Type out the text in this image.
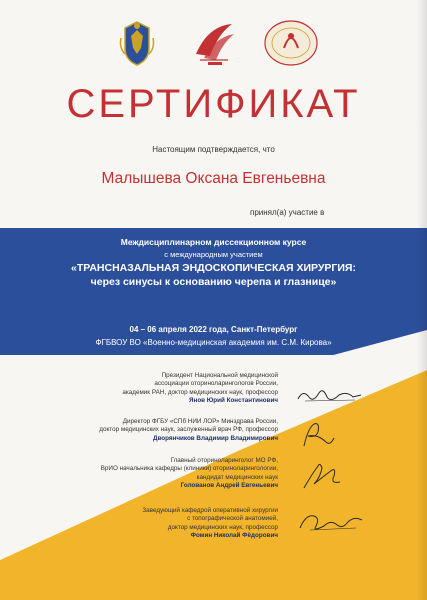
СЕРТИФИКАТ
Настоящим подтверждается, что
Малышева Оксана Евгеньевна
принял(а) участие в
Междисциплинарном диссекционном курсе
с международным участием
«ТРАНСНАЗАЛЬНАЯ ЭНДОСКОПИЧЕСКАЯ ХИРУРГИЯ:
через синусы к основанию черепа и глазнице»
04 – 06 апреля 2022 года, Санкт-Петербург
ФГБВОУ ВО «Военно-медицинская академия им. С.М. Кирова»
Президент Национальной медицинской
ассоциации оториноларингологов России,
академик РАН, доктор медицинских наук, профессор
Янов Юрий Константинович
Директор ФГБУ «СПб НИИ ЛОР» Минздрава России,
доктор медицинских наук, заслуженный врач РФ, профессор
Дворянчиков Владимир Владимирович
Главный оториноларинголог МО РФ,
ВрИО начальника кафедры (клиники) оториноларингологии,
кандидат медицинских наук
Голованов Андрей Евгеньевич
Заведующий кафедрой оперативной хирургии
с топографической анатомией,
доктор медицинских наук, профессор
Фомин Николай Фёдорович
